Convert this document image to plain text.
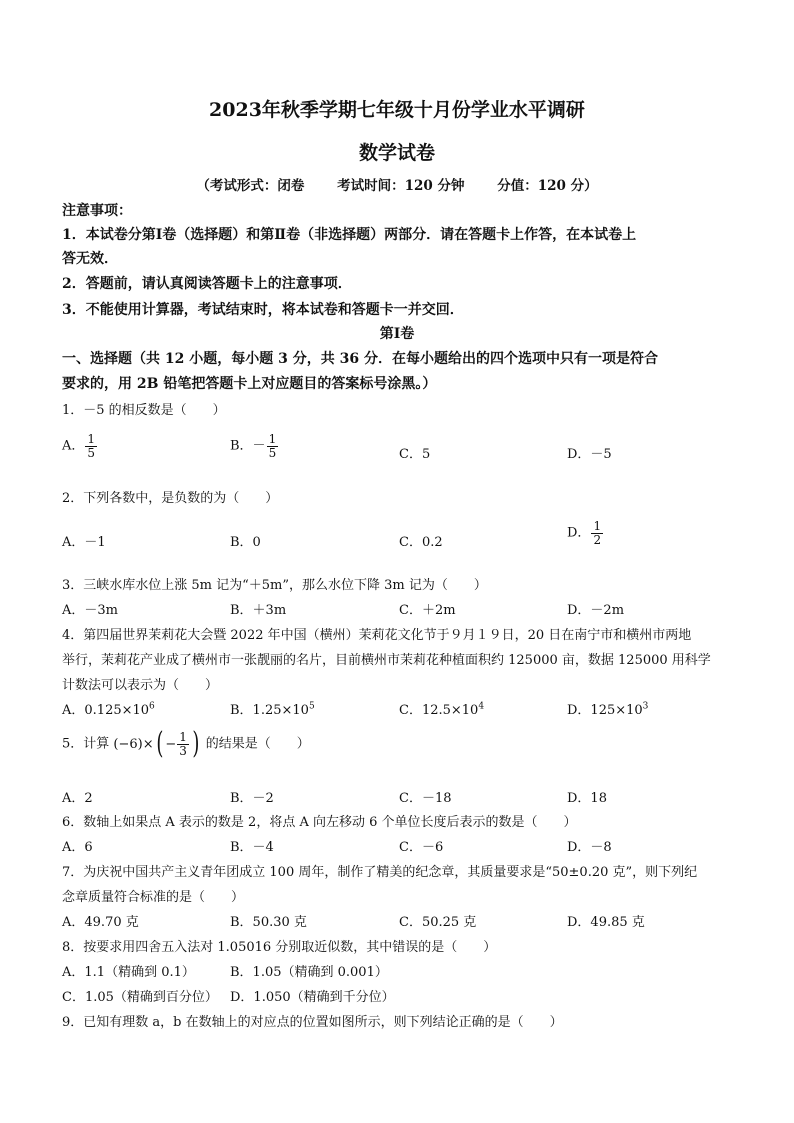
2023年秋季学期七年级十月份学业水平调研
数学试卷
（考试形式：闭卷 考试时间：120 分钟 分值：120 分）
注意事项：
1．本试卷分第Ⅰ卷（选择题）和第Ⅱ卷（非选择题）两部分．请在答题卡上作答，在本试卷上
答无效．
2．答题前，请认真阅读答题卡上的注意事项．
3．不能使用计算器，考试结束时，将本试卷和答题卡一并交回．
第Ⅰ卷
一、选择题（共 12 小题，每小题 3 分，共 36 分．在每小题给出的四个选项中只有一项是符合
要求的，用 2B 铅笔把答题卡上对应题目的答案标号涂黑。）
1．－5 的相反数是（　　）
A． $\frac{1}{5}$	B．－ $\frac{1}{5}$	C．5	D．－5
2．下列各数中，是负数的为（　　）
A．－1	B．0	C．0.2
D． $\frac{1}{2}$
3．三峡水库水位上涨 5m 记为“＋5m”，那么水位下降 3m 记为（　　）
A．－3m	B．＋3m	C．＋2m	D．－2m
4．第四届世界茉莉花大会暨 2022 年中国（横州）茉莉花文化节于９月１９日，20 日在南宁市和横州市两地
举行，茉莉花产业成了横州市一张靓丽的名片，目前横州市茉莉花种植面积约 125000 亩，数据 125000 用科学
计数法可以表示为（　　）
A．$0.125\times 10^6$	B．$1.25\times 10^5$	C．$12.5\times 10^4$	D．$125\times 10^3$
5．计算 $(-6)\times( - \frac{1}{3}$ ) 的结果是（　　）
A．2	B．－2	C．－18	D．18
6．数轴上如果点 A 表示的数是 2，将点 A 向左移动 6 个单位长度后表示的数是（　　）
A．6	B．－4	C．－6	D．－8
7．为庆祝中国共产主义青年团成立 100 周年，制作了精美的纪念章，其质量要求是“50±0.20 克”，则下列纪
念章质量符合标准的是（　　）
A．49.70 克	B．50.30 克	C．50.25 克	D．49.85 克
8．按要求用四舍五入法对 1.05016 分别取近似数，其中错误的是（　　）
A．1.1（精确到 0.1）	B．1.05（精确到 0.001）
C．1.05（精确到百分位） D．1.050（精确到千分位）
9．已知有理数 a，b 在数轴上的对应点的位置如图所示，则下列结论正确的是（　　）
